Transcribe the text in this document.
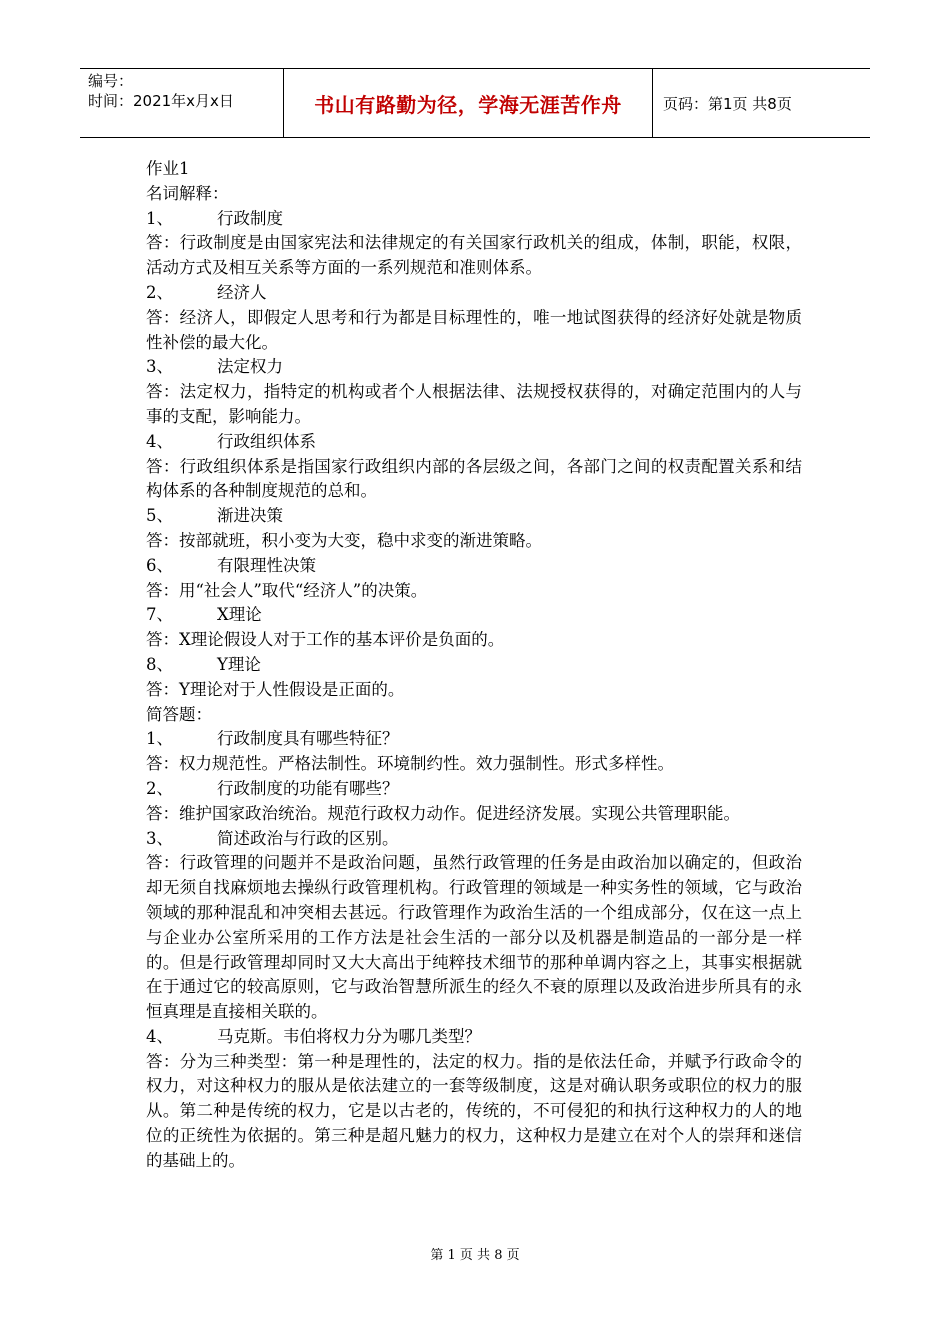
编号：
时间：2021年x月x日	书山有路勤为径，学海无涯苦作舟	页码：第1页 共8页
作业1
名词解释：
1、	行政制度
答：行政制度是由国家宪法和法律规定的有关国家行政机关的组成，体制，职能，权限，活动方式及相互关系等方面的一系列规范和准则体系。
2、	经济人
答：经济人，即假定人思考和行为都是目标理性的，唯一地试图获得的经济好处就是物质性补偿的最大化。
3、	法定权力
答：法定权力，指特定的机构或者个人根据法律、法规授权获得的，对确定范围内的人与事的支配，影响能力。
4、	行政组织体系
答：行政组织体系是指国家行政组织内部的各层级之间，各部门之间的权责配置关系和结构体系的各种制度规范的总和。
5、	渐进决策
答：按部就班，积小变为大变，稳中求变的渐进策略。
6、	有限理性决策
答：用“社会人”取代“经济人”的决策。
7、	X理论
答：X理论假设人对于工作的基本评价是负面的。
8、	Y理论
答：Y理论对于人性假设是正面的。
简答题：
1、	行政制度具有哪些特征？
答：权力规范性。严格法制性。环境制约性。效力强制性。形式多样性。
2、	行政制度的功能有哪些？
答：维护国家政治统治。规范行政权力动作。促进经济发展。实现公共管理职能。
3、	简述政治与行政的区别。
答：行政管理的问题并不是政治问题，虽然行政管理的任务是由政治加以确定的，但政治却无须自找麻烦地去操纵行政管理机构。行政管理的领域是一种实务性的领域，它与政治领域的那种混乱和冲突相去甚远。行政管理作为政治生活的一个组成部分，仅在这一点上与企业办公室所采用的工作方法是社会生活的一部分以及机器是制造品的一部分是一样的。但是行政管理却同时又大大高出于纯粹技术细节的那种单调内容之上，其事实根据就在于通过它的较高原则，它与政治智慧所派生的经久不衰的原理以及政治进步所具有的永恒真理是直接相关联的。
4、	马克斯。韦伯将权力分为哪几类型？
答：分为三种类型：第一种是理性的，法定的权力。指的是依法任命，并赋予行政命令的权力，对这种权力的服从是依法建立的一套等级制度，这是对确认职务或职位的权力的服从。第二种是传统的权力，它是以古老的，传统的，不可侵犯的和执行这种权力的人的地位的正统性为依据的。第三种是超凡魅力的权力，这种权力是建立在对个人的崇拜和迷信的基础上的。
第 1 页 共 8 页
